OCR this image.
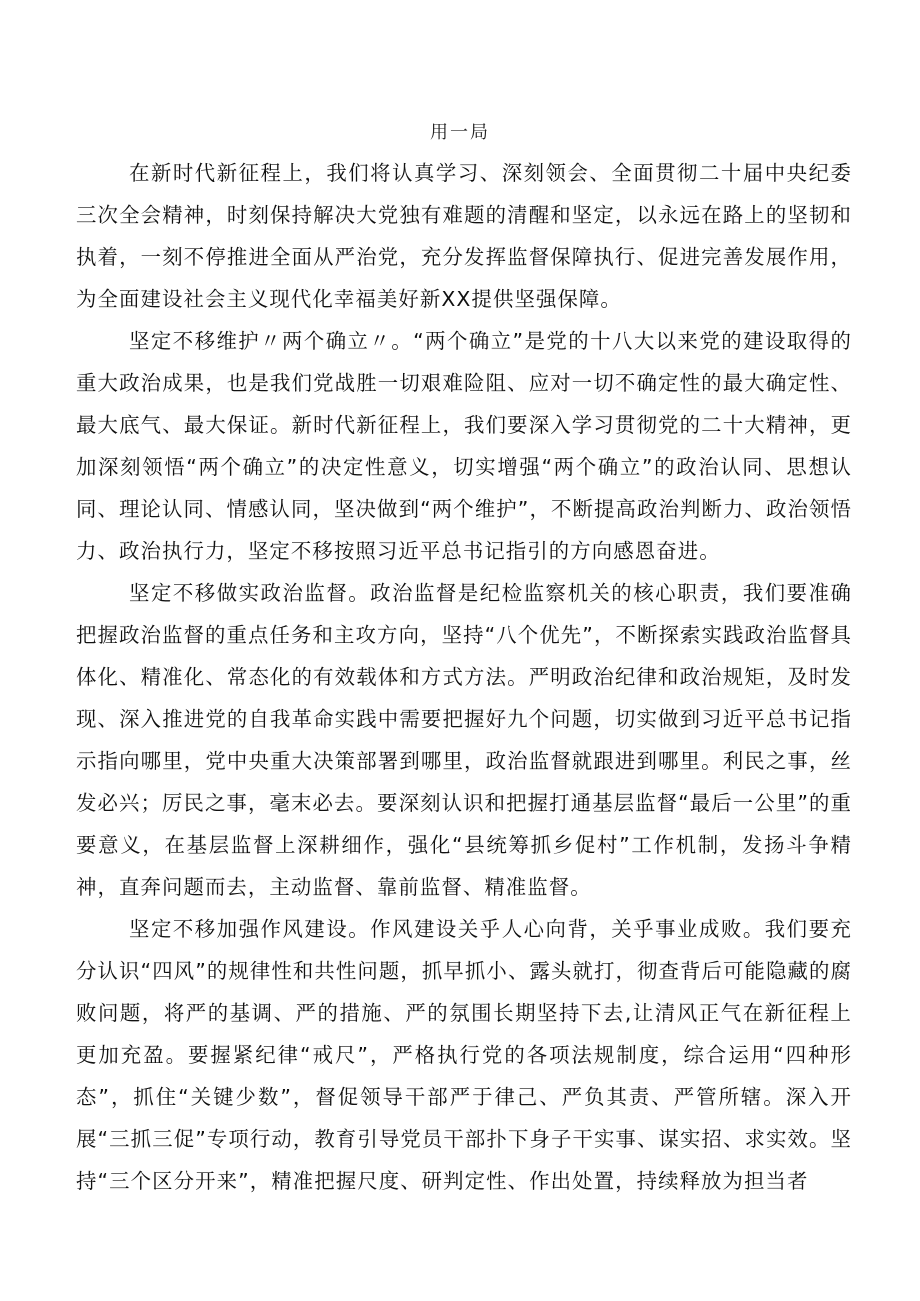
用一局

在新时代新征程上，我们将认真学习、深刻领会、全面贯彻二十届中央纪委三次全会精神，时刻保持解决大党独有难题的清醒和坚定，以永远在路上的坚韧和执着，一刻不停推进全面从严治党，充分发挥监督保障执行、促进完善发展作用，为全面建设社会主义现代化幸福美好新XX提供坚强保障。

坚定不移维护〃两个确立〃。“两个确立”是党的十八大以来党的建设取得的重大政治成果，也是我们党战胜一切艰难险阻、应对一切不确定性的最大确定性、最大底气、最大保证。新时代新征程上，我们要深入学习贯彻党的二十大精神，更加深刻领悟“两个确立”的决定性意义，切实增强“两个确立”的政治认同、思想认同、理论认同、情感认同，坚决做到“两个维护”，不断提高政治判断力、政治领悟力、政治执行力，坚定不移按照习近平总书记指引的方向感恩奋进。

坚定不移做实政治监督。政治监督是纪检监察机关的核心职责，我们要准确把握政治监督的重点任务和主攻方向，坚持“八个优先”，不断探索实践政治监督具体化、精准化、常态化的有效载体和方式方法。严明政治纪律和政治规矩，及时发现、深入推进党的自我革命实践中需要把握好九个问题，切实做到习近平总书记指示指向哪里，党中央重大决策部署到哪里，政治监督就跟进到哪里。利民之事，丝发必兴；厉民之事，毫末必去。要深刻认识和把握打通基层监督“最后一公里”的重要意义，在基层监督上深耕细作，强化“县统筹抓乡促村”工作机制，发扬斗争精神，直奔问题而去，主动监督、靠前监督、精准监督。

坚定不移加强作风建设。作风建设关乎人心向背，关乎事业成败。我们要充分认识“四风”的规律性和共性问题，抓早抓小、露头就打，彻查背后可能隐藏的腐败问题，将严的基调、严的措施、严的氛围长期坚持下去,让清风正气在新征程上更加充盈。要握紧纪律“戒尺”，严格执行党的各项法规制度，综合运用“四种形态”，抓住“关键少数”，督促领导干部严于律己、严负其责、严管所辖。深入开展“三抓三促”专项行动，教育引导党员干部扑下身子干实事、谋实招、求实效。坚持“三个区分开来”，精准把握尺度、研判定性、作出处置，持续释放为担当者
